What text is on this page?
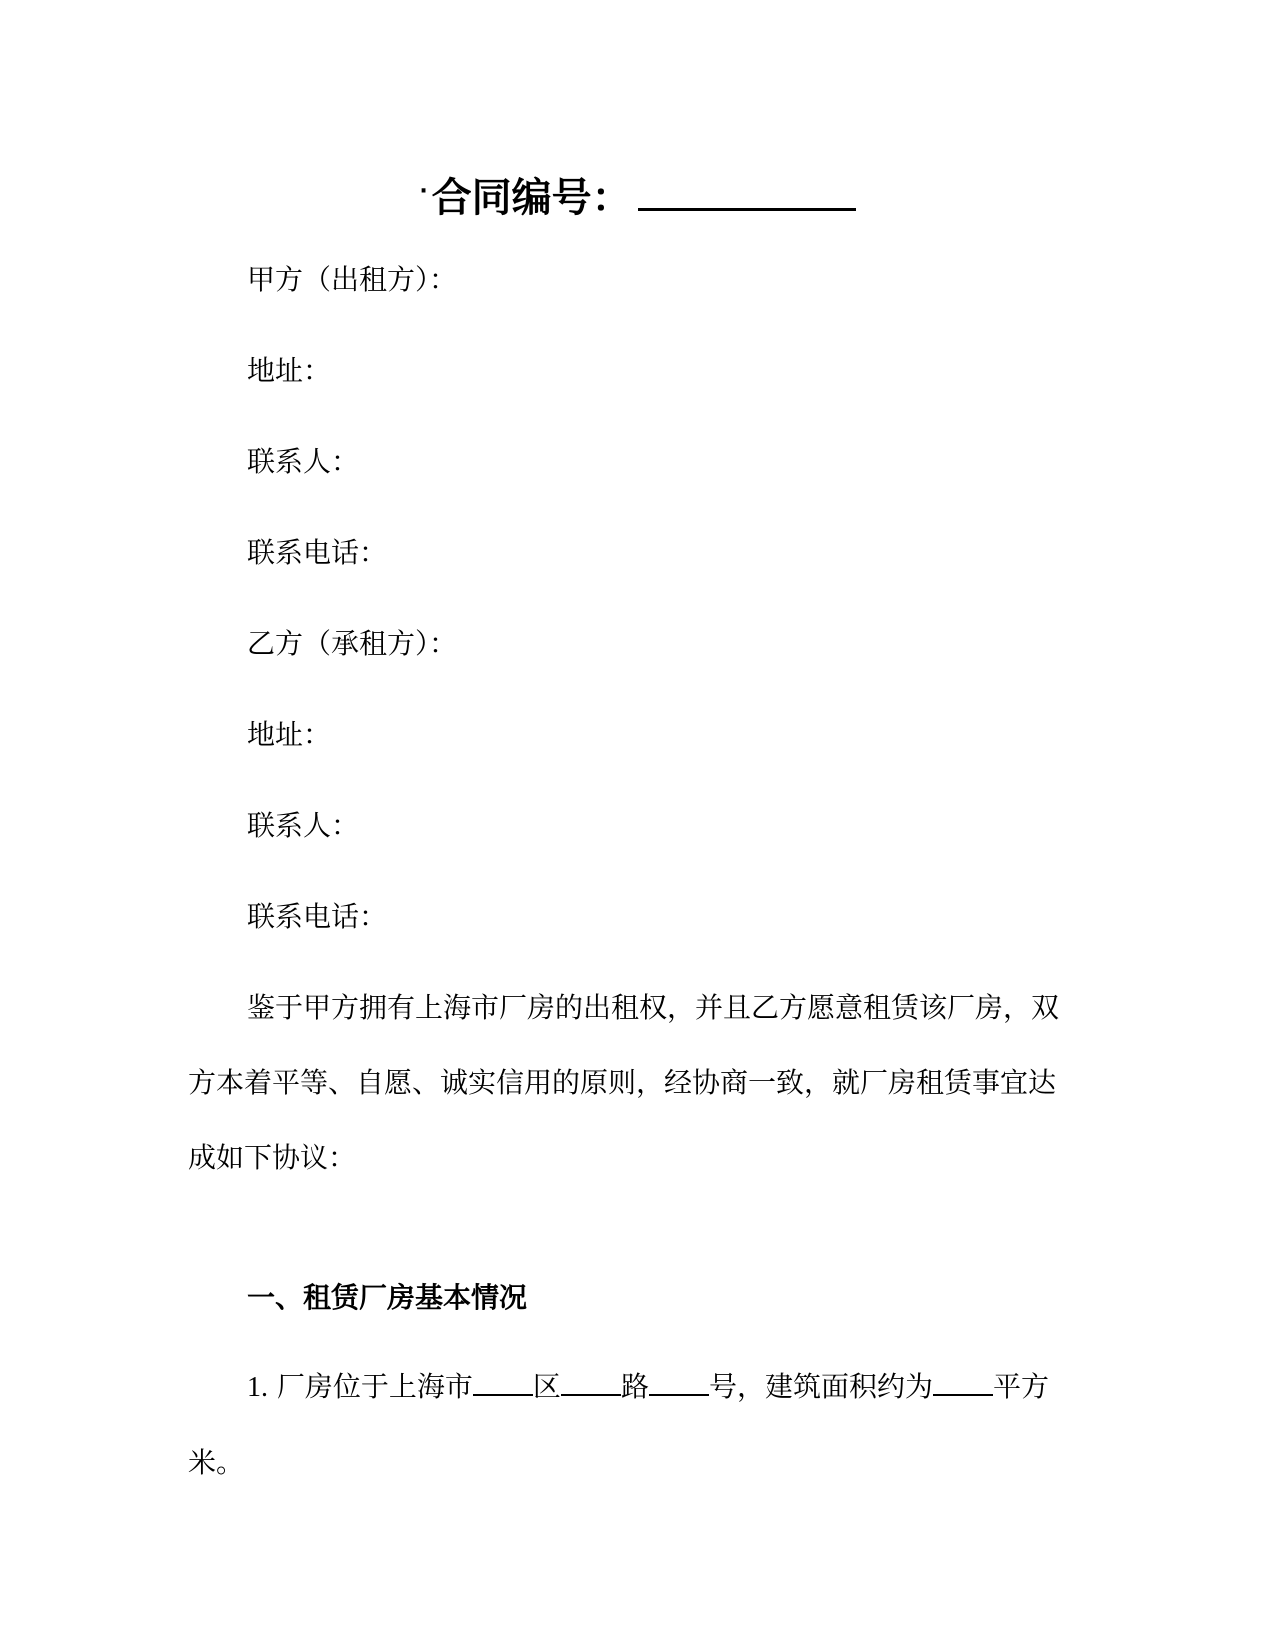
· 合同编号：
甲方（出租方）：
地址：
联系人：
联系电话：
乙方（承租方）：
地址：
联系人：
联系电话：

鉴于甲方拥有上海市厂房的出租权，并且乙方愿意租赁该厂房，双方本着平等、自愿、诚实信用的原则，经协商一致，就厂房租赁事宜达成如下协议：

一、租赁厂房基本情况

1. 厂房位于上海市 区 路 号，建筑面积约为 平方米。
